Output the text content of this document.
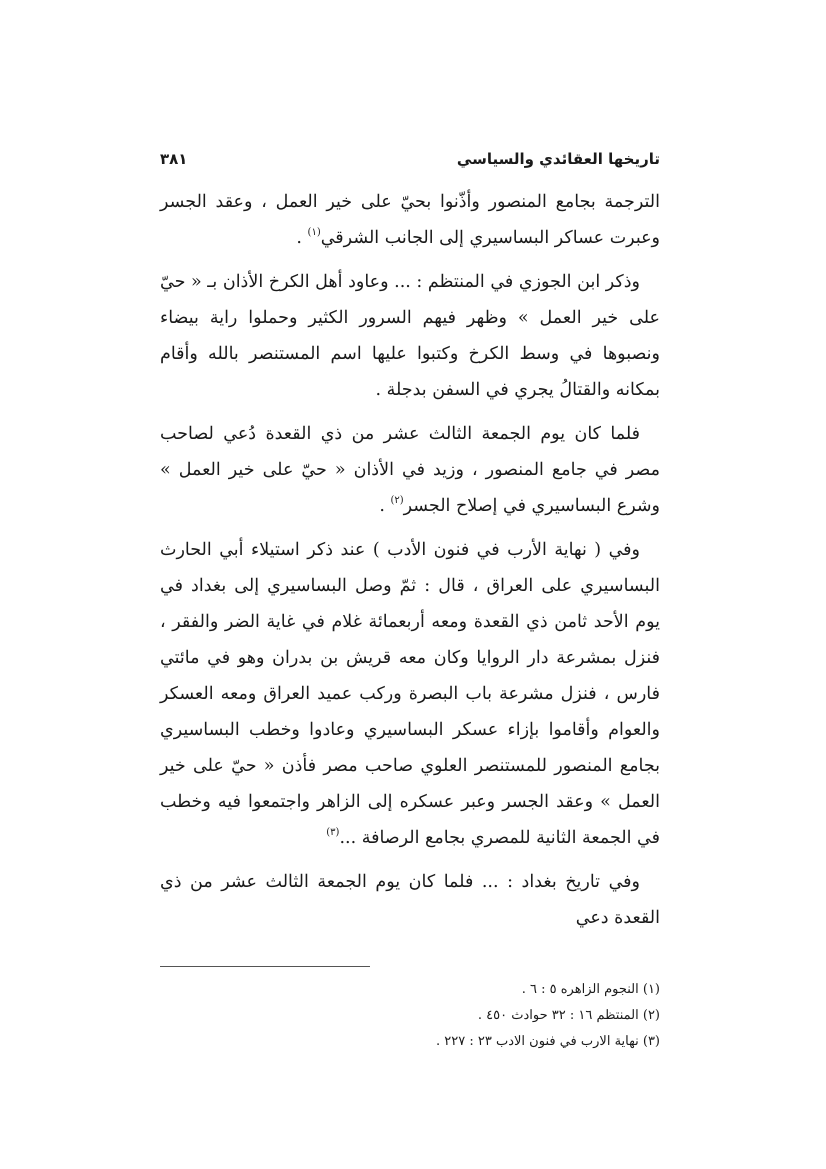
تاريخها العقائدي والسياسي
٣٨١

الترجمة بجامع المنصور وأذّنوا بحيّ على خير العمل ، وعقد الجسر وعبرت عساكر البساسيري إلى الجانب الشرقي$^{(١)}$ .

وذكر ابن الجوزي في المنتظم : ... وعاود أهل الكرخ الأذان بـ « حيّ على خير العمل » وظهر فيهم السرور الكثير وحملوا راية بيضاء ونصبوها في وسط الكرخ وكتبوا عليها اسم المستنصر بالله وأقام بمكانه والقتالُ يجري في السفن بدجلة .

فلما كان يوم الجمعة الثالث عشر من ذي القعدة دُعي لصاحب مصر في جامع المنصور ، وزيد في الأذان « حيّ على خير العمل » وشرع البساسيري في إصلاح الجسر$^{(٢)}$ .

وفي ( نهاية الأرب في فنون الأدب ) عند ذكر استيلاء أبي الحارث البساسيري على العراق ، قال : ثمّ وصل البساسيري إلى بغداد في يوم الأحد ثامن ذي القعدة ومعه أربعمائة غلام في غاية الضر والفقر ، فنزل بمشرعة دار الروايا وكان معه قريش بن بدران وهو في مائتي فارس ، فنزل مشرعة باب البصرة وركب عميد العراق ومعه العسكر والعوام وأقاموا بإزاء عسكر البساسيري وعادوا وخطب البساسيري بجامع المنصور للمستنصر العلوي صاحب مصر فأذن « حيّ على خير العمل » وعقد الجسر وعبر عسكره إلى الزاهر واجتمعوا فيه وخطب في الجمعة الثانية للمصري بجامع الرصافة ...$^{(٣)}$

وفي تاريخ بغداد : ... فلما كان يوم الجمعة الثالث عشر من ذي القعدة دعي

(١) النجوم الزاهره ٥ : ٦ .
(٢) المنتظم ١٦ : ٣٢ حوادث ٤٥٠ .
(٣) نهاية الارب في فنون الادب ٢٣ : ٢٢٧ .
